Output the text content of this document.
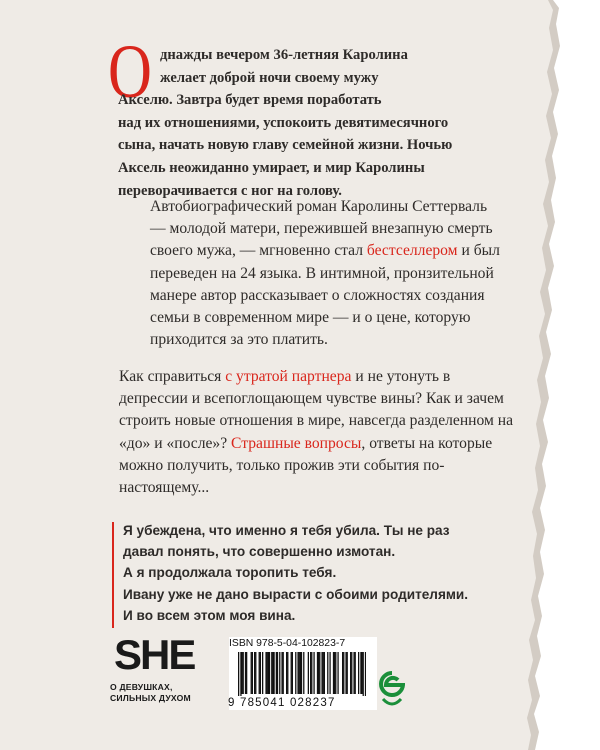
О днажды вечером 36-летняя Каролина
желает доброй ночи своему мужу
Акселю. Завтра будет время поработать
над их отношениями, успокоить девятимесячного
сына, начать новую главу семейной жизни. Ночью
Аксель неожиданно умирает, и мир Каролины
переворачивается с ног на голову.

Автобиографический роман Каролины Сеттерваль — молодой матери, пережившей внезапную смерть своего мужа, — мгновенно стал бестселлером и был переведен на 24 языка. В интимной, пронзительной манере автор рассказывает о сложностях создания семьи в современном мире — и о цене, которую приходится за это платить.

Как справиться с утратой партнера и не утонуть в депрессии и всепоглощающем чувстве вины? Как и зачем строить новые отношения в мире, навсегда разделенном на «до» и «после»? Страшные вопросы, ответы на которые можно получить, только прожив эти события по-настоящему...

Я убеждена, что именно я тебя убила. Ты не раз
давал понять, что совершенно измотан.
А я продолжала торопить тебя.
Ивану уже не дано вырасти с обоими родителями.
И во всем этом моя вина.

SHE
О ДЕВУШКАХ,
СИЛЬНЫХ ДУХОМ
ISBN 978-5-04-102823-7
9 785041 028237
